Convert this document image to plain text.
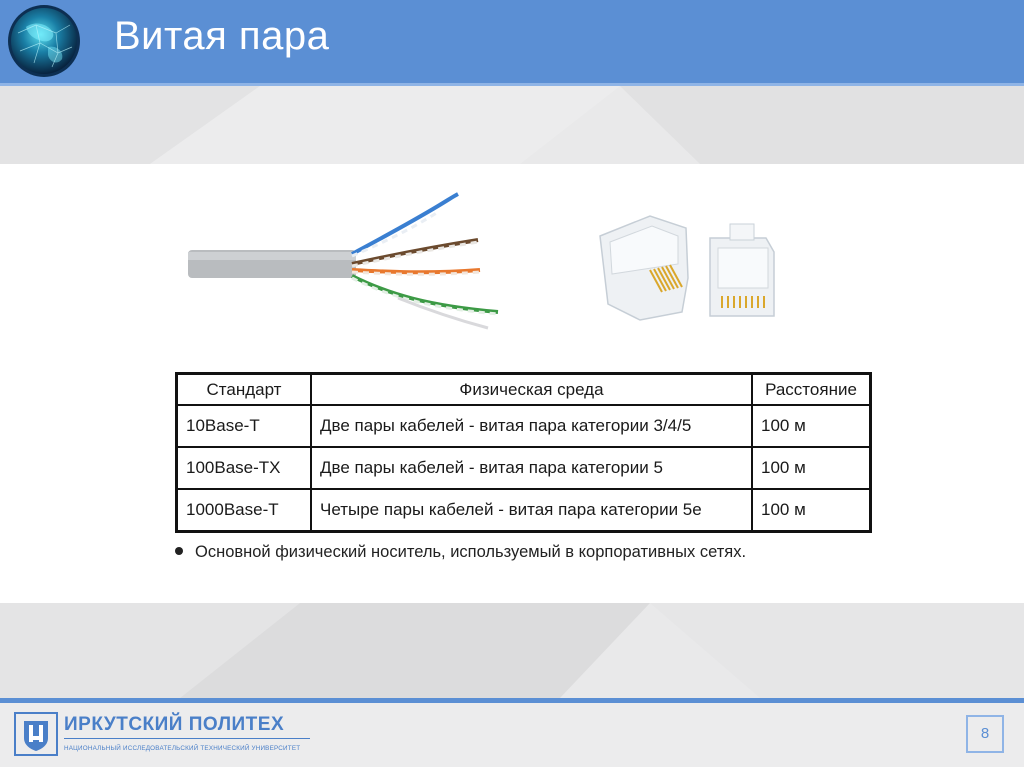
Витая пара
Стандарт	Физическая среда	Расстояние
10Base-T	Две пары кабелей - витая пара категории 3/4/5	100 м
100Base-TX	Две пары кабелей - витая пара категории 5	100 м
1000Base-T	Четыре пары кабелей - витая пара категории 5е	100 м
Основной физический носитель, используемый в корпоративных сетях.
ИРКУТСКИЙ ПОЛИТЕХ
НАЦИОНАЛЬНЫЙ ИССЛЕДОВАТЕЛЬСКИЙ ТЕХНИЧЕСКИЙ УНИВЕРСИТЕТ
8
